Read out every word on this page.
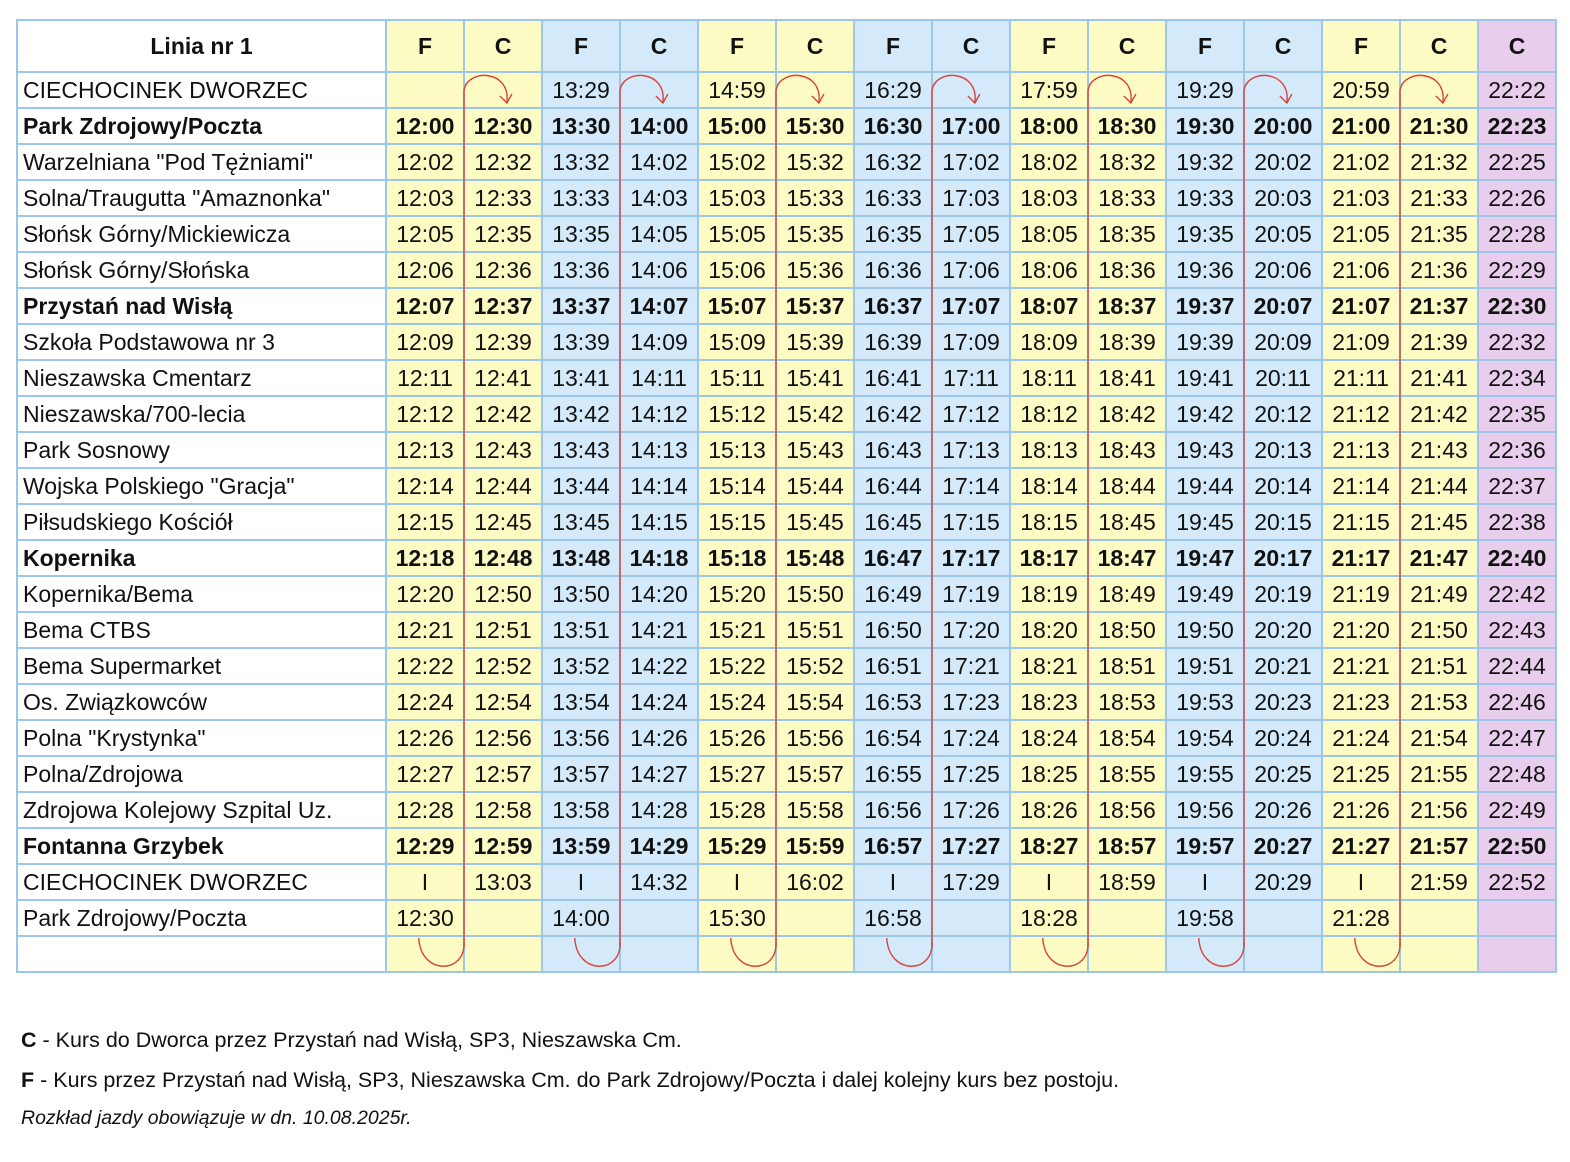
Linia nr 1	F	C	F	C	F	C	F	C	F	C	F	C	F	C	C
CIECHOCINEK DWORZEC			13:29		14:59		16:29		17:59		19:29		20:59		22:22
Park Zdrojowy/Poczta	12:00	12:30	13:30	14:00	15:00	15:30	16:30	17:00	18:00	18:30	19:30	20:00	21:00	21:30	22:23
Warzelniana "Pod Tężniami"	12:02	12:32	13:32	14:02	15:02	15:32	16:32	17:02	18:02	18:32	19:32	20:02	21:02	21:32	22:25
Solna/Traugutta "Amaznonka"	12:03	12:33	13:33	14:03	15:03	15:33	16:33	17:03	18:03	18:33	19:33	20:03	21:03	21:33	22:26
Słońsk Górny/Mickiewicza	12:05	12:35	13:35	14:05	15:05	15:35	16:35	17:05	18:05	18:35	19:35	20:05	21:05	21:35	22:28
Słońsk Górny/Słońska	12:06	12:36	13:36	14:06	15:06	15:36	16:36	17:06	18:06	18:36	19:36	20:06	21:06	21:36	22:29
Przystań nad Wisłą	12:07	12:37	13:37	14:07	15:07	15:37	16:37	17:07	18:07	18:37	19:37	20:07	21:07	21:37	22:30
Szkoła Podstawowa nr 3	12:09	12:39	13:39	14:09	15:09	15:39	16:39	17:09	18:09	18:39	19:39	20:09	21:09	21:39	22:32
Nieszawska Cmentarz	12:11	12:41	13:41	14:11	15:11	15:41	16:41	17:11	18:11	18:41	19:41	20:11	21:11	21:41	22:34
Nieszawska/700-lecia	12:12	12:42	13:42	14:12	15:12	15:42	16:42	17:12	18:12	18:42	19:42	20:12	21:12	21:42	22:35
Park Sosnowy	12:13	12:43	13:43	14:13	15:13	15:43	16:43	17:13	18:13	18:43	19:43	20:13	21:13	21:43	22:36
Wojska Polskiego "Gracja"	12:14	12:44	13:44	14:14	15:14	15:44	16:44	17:14	18:14	18:44	19:44	20:14	21:14	21:44	22:37
Piłsudskiego Kościół	12:15	12:45	13:45	14:15	15:15	15:45	16:45	17:15	18:15	18:45	19:45	20:15	21:15	21:45	22:38
Kopernika	12:18	12:48	13:48	14:18	15:18	15:48	16:47	17:17	18:17	18:47	19:47	20:17	21:17	21:47	22:40
Kopernika/Bema	12:20	12:50	13:50	14:20	15:20	15:50	16:49	17:19	18:19	18:49	19:49	20:19	21:19	21:49	22:42
Bema CTBS	12:21	12:51	13:51	14:21	15:21	15:51	16:50	17:20	18:20	18:50	19:50	20:20	21:20	21:50	22:43
Bema Supermarket	12:22	12:52	13:52	14:22	15:22	15:52	16:51	17:21	18:21	18:51	19:51	20:21	21:21	21:51	22:44
Os. Związkowców	12:24	12:54	13:54	14:24	15:24	15:54	16:53	17:23	18:23	18:53	19:53	20:23	21:23	21:53	22:46
Polna "Krystynka"	12:26	12:56	13:56	14:26	15:26	15:56	16:54	17:24	18:24	18:54	19:54	20:24	21:24	21:54	22:47
Polna/Zdrojowa	12:27	12:57	13:57	14:27	15:27	15:57	16:55	17:25	18:25	18:55	19:55	20:25	21:25	21:55	22:48
Zdrojowa Kolejowy Szpital Uz.	12:28	12:58	13:58	14:28	15:28	15:58	16:56	17:26	18:26	18:56	19:56	20:26	21:26	21:56	22:49
Fontanna Grzybek	12:29	12:59	13:59	14:29	15:29	15:59	16:57	17:27	18:27	18:57	19:57	20:27	21:27	21:57	22:50
CIECHOCINEK DWORZEC	I	13:03	I	14:32	I	16:02	I	17:29	I	18:59	I	20:29	I	21:59	22:52
Park Zdrojowy/Poczta	12:30		14:00		15:30		16:58		18:28		19:58		21:28		

C - Kurs do Dworca przez Przystań nad Wisłą, SP3, Nieszawska Cm.
F - Kurs przez Przystań nad Wisłą, SP3, Nieszawska Cm. do Park Zdrojowy/Poczta i dalej kolejny kurs bez postoju.
Rozkład jazdy obowiązuje w dn. 10.08.2025r.
